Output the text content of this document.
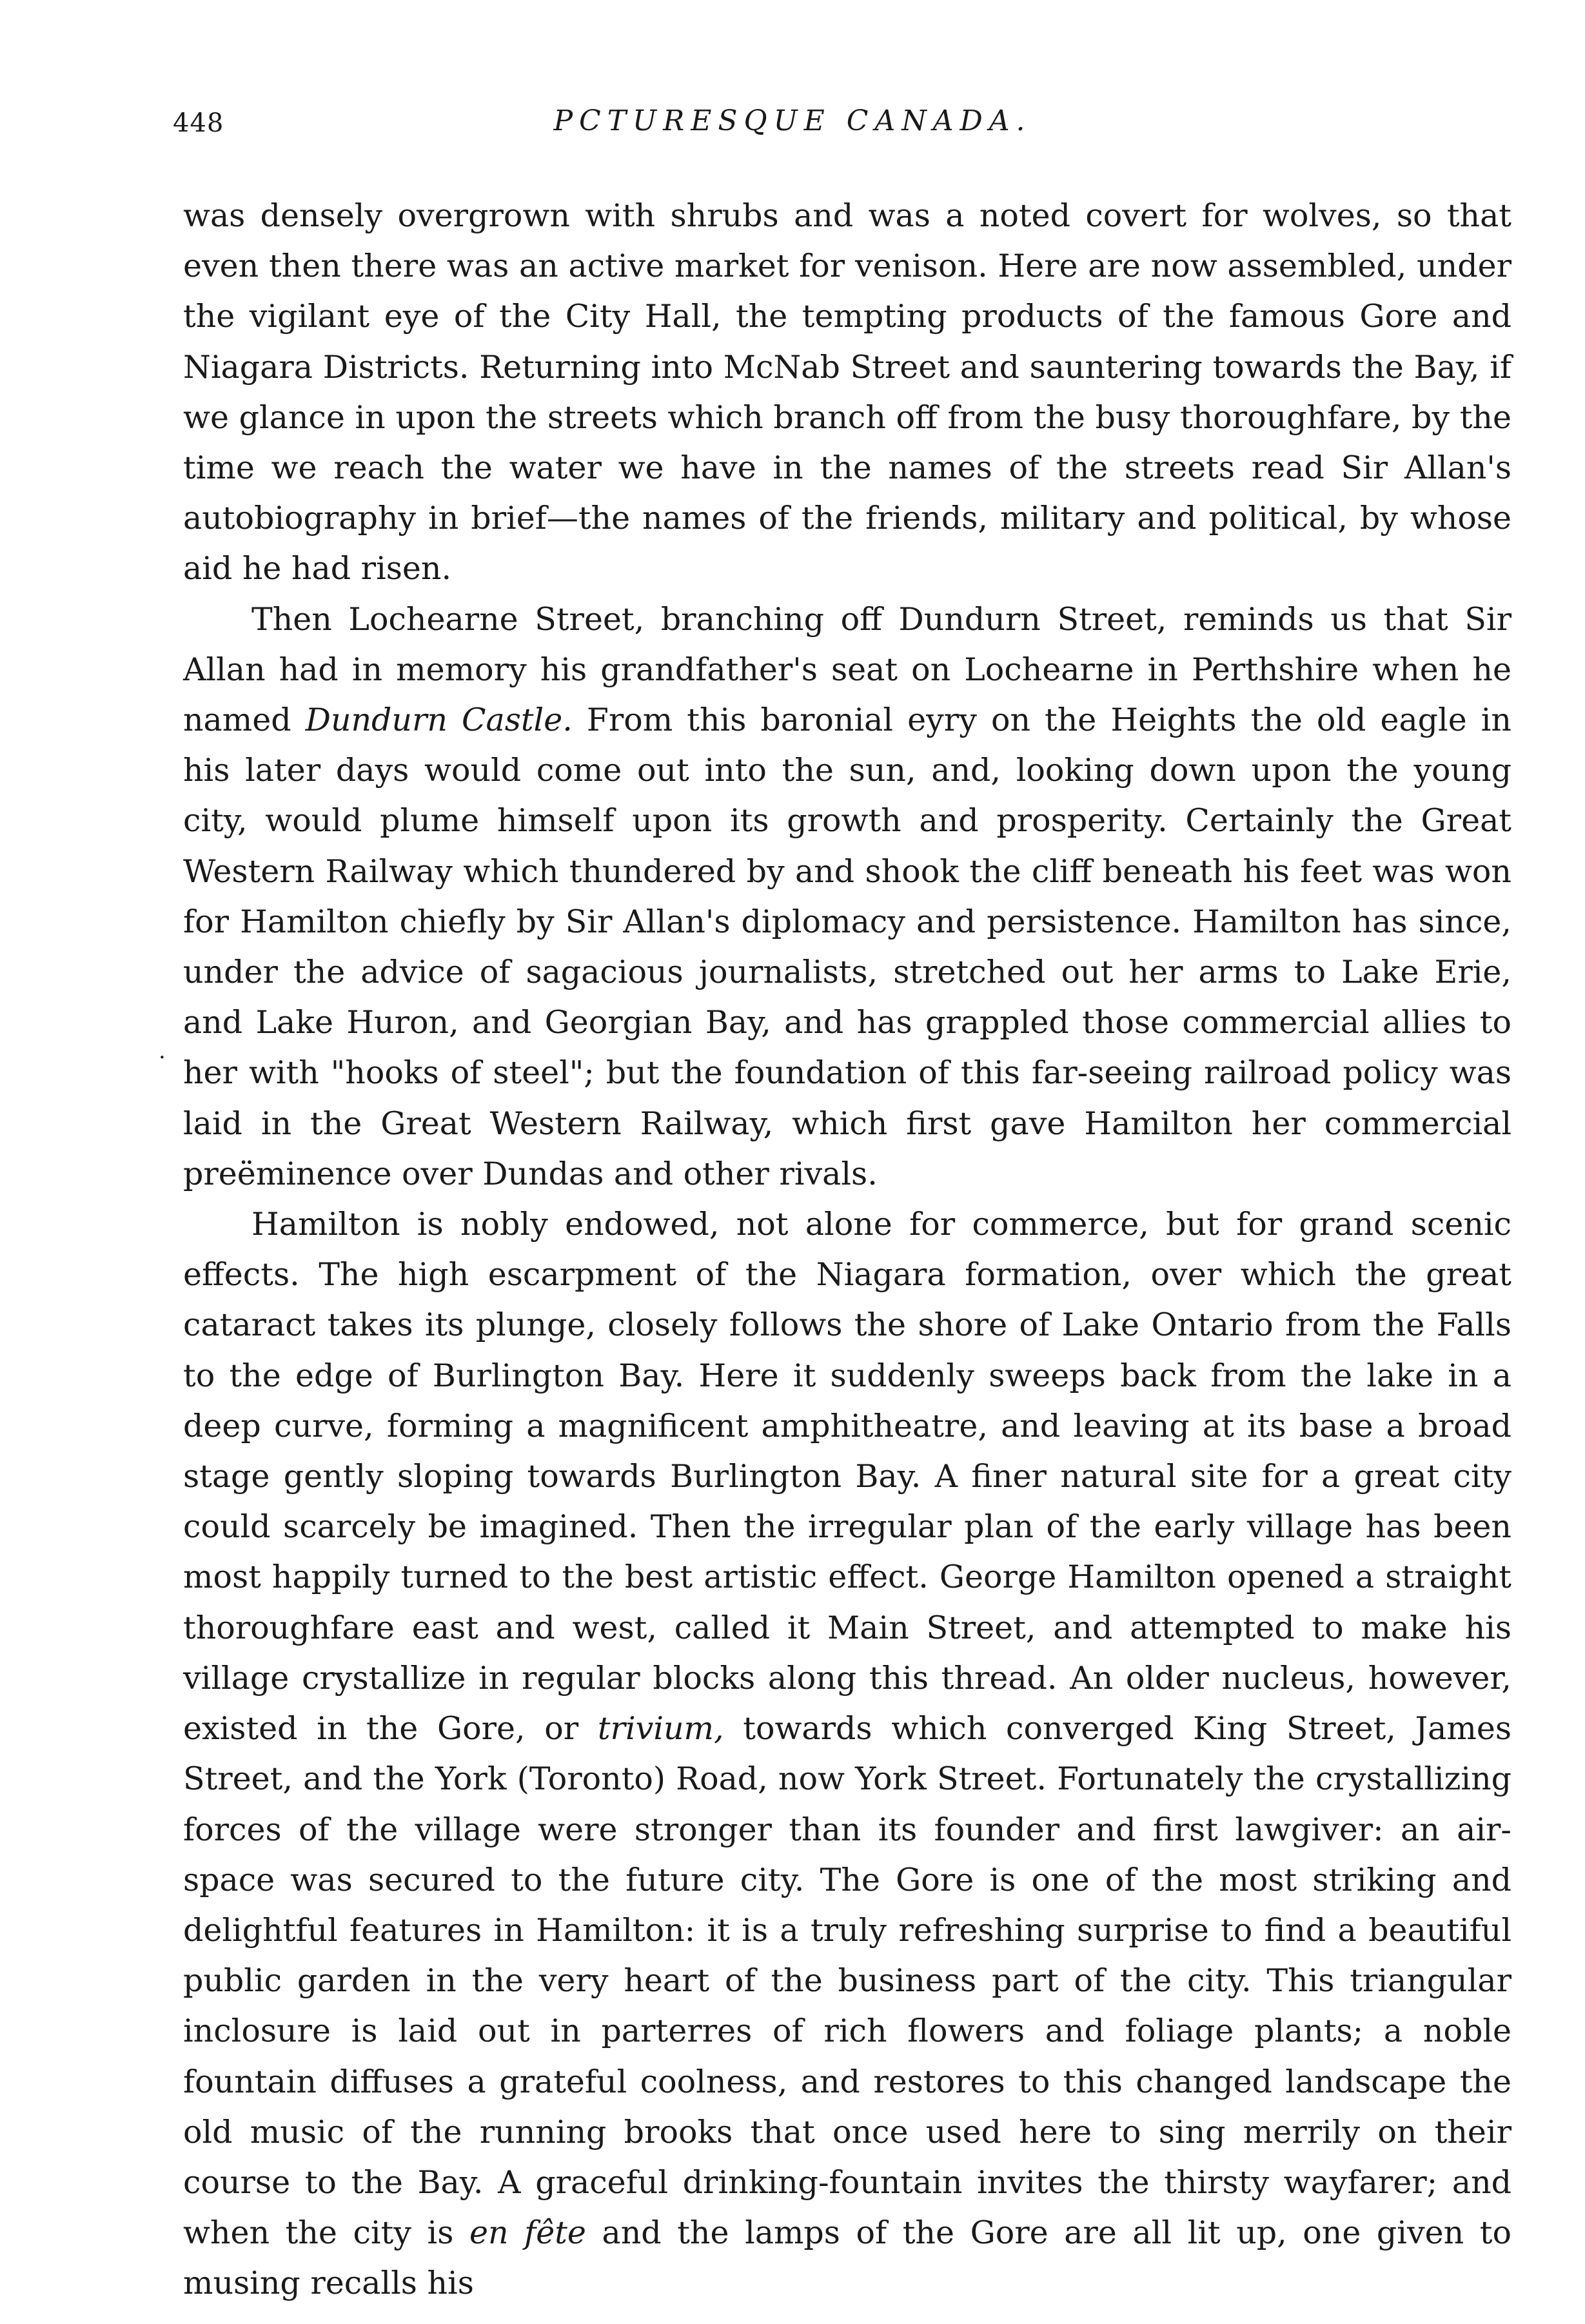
448	PCTURESQUE CANADA.
·

was densely overgrown with shrubs and was a noted covert for wolves, so that even then there was an active market for venison. Here are now assembled, under the vigilant eye of the City Hall, the tempting products of the famous Gore and Niagara Districts. Returning into McNab Street and sauntering towards the Bay, if we glance in upon the streets which branch off from the busy thoroughfare, by the time we reach the water we have in the names of the streets read Sir Allan's autobiography in brief—the names of the friends, military and political, by whose aid he had risen.

Then Lochearne Street, branching off Dundurn Street, reminds us that Sir Allan had in memory his grandfather's seat on Lochearne in Perthshire when he named Dundurn Castle. From this baronial eyry on the Heights the old eagle in his later days would come out into the sun, and, looking down upon the young city, would plume himself upon its growth and prosperity. Certainly the Great Western Railway which thundered by and shook the cliff beneath his feet was won for Hamilton chiefly by Sir Allan's diplomacy and persistence. Hamilton has since, under the advice of sagacious journalists, stretched out her arms to Lake Erie, and Lake Huron, and Georgian Bay, and has grappled those commercial allies to her with "hooks of steel"; but the foundation of this far-seeing railroad policy was laid in the Great Western Railway, which first gave Hamilton her commercial preëminence over Dundas and other rivals.

Hamilton is nobly endowed, not alone for commerce, but for grand scenic effects. The high escarpment of the Niagara formation, over which the great cataract takes its plunge, closely follows the shore of Lake Ontario from the Falls to the edge of Burlington Bay. Here it suddenly sweeps back from the lake in a deep curve, forming a magnificent amphitheatre, and leaving at its base a broad stage gently sloping towards Burlington Bay. A finer natural site for a great city could scarcely be imagined. Then the irregular plan of the early village has been most happily turned to the best artistic effect. George Hamilton opened a straight thoroughfare east and west, called it Main Street, and attempted to make his village crystallize in regular blocks along this thread. An older nucleus, however, existed in the Gore, or trivium, towards which converged King Street, James Street, and the York (Toronto) Road, now York Street. Fortunately the crystallizing forces of the village were stronger than its founder and first lawgiver: an air-space was secured to the future city. The Gore is one of the most striking and delightful features in Hamilton: it is a truly refreshing surprise to find a beautiful public garden in the very heart of the business part of the city. This triangular inclosure is laid out in parterres of rich flowers and foliage plants; a noble fountain diffuses a grateful coolness, and restores to this changed landscape the old music of the running brooks that once used here to sing merrily on their course to the Bay. A graceful drinking-fountain invites the thirsty wayfarer; and when the city is en fête and the lamps of the Gore are all lit up, one given to musing recalls his
